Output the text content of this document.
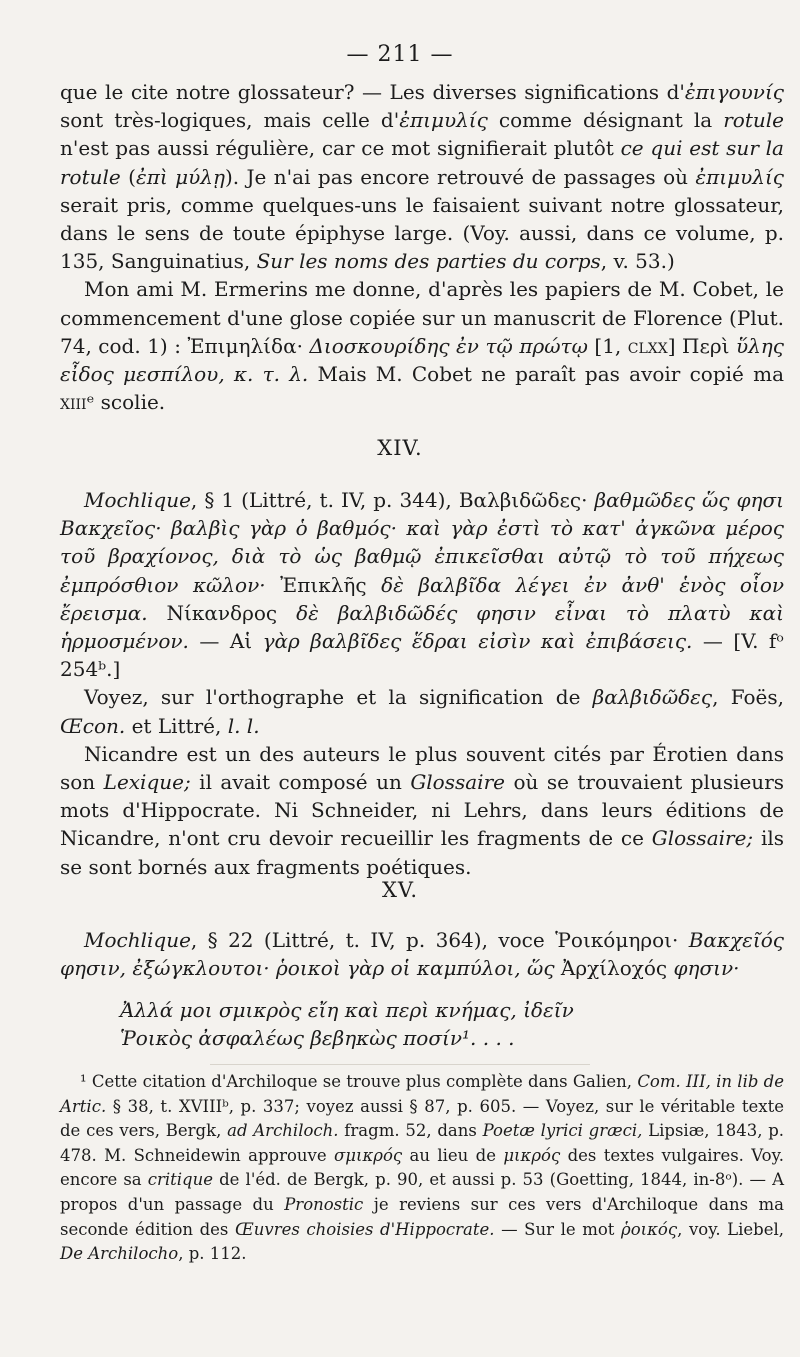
— 211 —

que le cite notre glossateur? — Les diverses significations d'ἐπιγουνίς sont très-logiques, mais celle d'ἐπιμυλίς comme désignant la rotule n'est pas aussi régulière, car ce mot signifierait plutôt ce qui est sur la rotule (ἐπὶ μύλῃ). Je n'ai pas encore retrouvé de passages où ἐπιμυλίς serait pris, comme quelques-uns le faisaient suivant notre glossateur, dans le sens de toute épiphyse large. (Voy. aussi, dans ce volume, p. 135, Sanguinatius, Sur les noms des parties du corps, v. 53.)

Mon ami M. Ermerins me donne, d'après les papiers de M. Cobet, le commencement d'une glose copiée sur un manuscrit de Florence (Plut. 74, cod. 1) : Ἐπιμηλίδα· Διοσκουρίδης ἐν τῷ πρώτῳ [1, clxx] Περὶ ὕλης εἶδος μεσπίλου, κ. τ. λ. Mais M. Cobet ne paraît pas avoir copié ma xiiiᵉ scolie.

XIV.

Mochlique, § 1 (Littré, t. IV, p. 344), Βαλβιδῶδες· βαθμῶδες ὥς φησι Βακχεῖος· βαλβὶς γὰρ ὁ βαθμός· καὶ γὰρ ἐστὶ τὸ κατ' ἀγκῶνα μέρος τοῦ βραχίονος, διὰ τὸ ὡς βαθμῷ ἐπικεῖσθαι αὐτῷ τὸ τοῦ πήχεως ἐμπρόσθιον κῶλον· Ἐπικλῆς δὲ βαλβῖδα λέγει ἐν ἀνθ' ἑνὸς οἷον ἔρεισμα. Νίκανδρος δὲ βαλβιδῶδές φησιν εἶναι τὸ πλατὺ καὶ ἡρμοσμένον. — Αἱ γὰρ βαλβῖδες ἕδραι εἰσὶν καὶ ἐπιβάσεις. — [V. fᵒ 254ᵇ.]

Voyez, sur l'orthographe et la signification de βαλβιδῶδες, Foës, Œcon. et Littré, l. l.

Nicandre est un des auteurs le plus souvent cités par Érotien dans son Lexique; il avait composé un Glossaire où se trouvaient plusieurs mots d'Hippocrate. Ni Schneider, ni Lehrs, dans leurs éditions de Nicandre, n'ont cru devoir recueillir les fragments de ce Glossaire; ils se sont bornés aux fragments poétiques.

XV.

Mochlique, § 22 (Littré, t. IV, p. 364), voce Ῥοικόμηροι· Βακχεῖός φησιν, ἐξώγκλουτοι· ῥοικοὶ γὰρ οἱ καμπύλοι, ὥς Ἀρχίλοχός φησιν·

Ἀλλά μοι σμικρὸς εἴη καὶ περὶ κνήμας, ἰδεῖν
Ῥοικὸς ἀσφαλέως βεβηκὼς ποσίν¹. . . .

¹ Cette citation d'Archiloque se trouve plus complète dans Galien, Com. III, in lib de Artic. § 38, t. XVIIIᵇ, p. 337; voyez aussi § 87, p. 605. — Voyez, sur le véritable texte de ces vers, Bergk, ad Archiloch. fragm. 52, dans Poetæ lyrici græci, Lipsiæ, 1843, p. 478. M. Schneidewin approuve σμικρός au lieu de μικρός des textes vulgaires. Voy. encore sa critique de l'éd. de Bergk, p. 90, et aussi p. 53 (Goetting, 1844, in-8ᵒ). — A propos d'un passage du Pronostic je reviens sur ces vers d'Archiloque dans ma seconde édition des Œuvres choisies d'Hippocrate. — Sur le mot ῥοικός, voy. Liebel, De Archilocho, p. 112.
